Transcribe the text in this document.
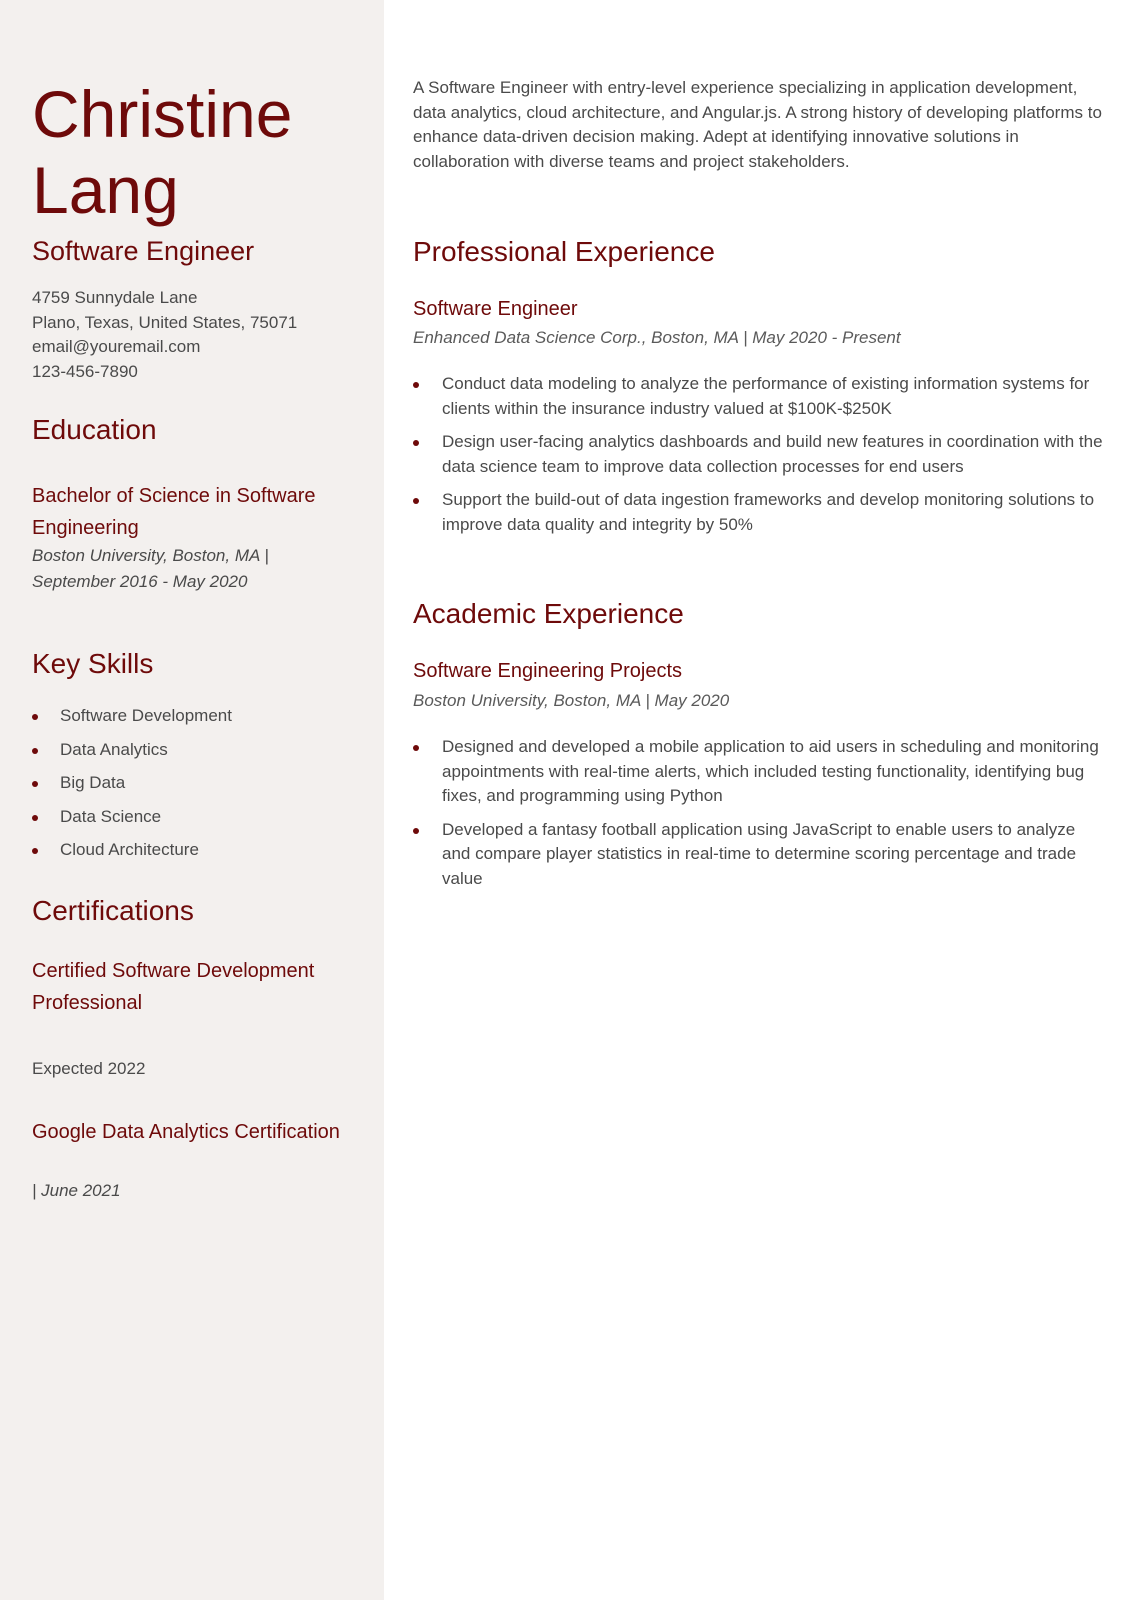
Christine
Lang
Software Engineer
4759 Sunnydale Lane
Plano, Texas, United States, 75071
email@youremail.com
123-456-7890
Education
Bachelor of Science in Software Engineering
Boston University, Boston, MA |
September 2016 - May 2020
Key Skills
Software Development
Data Analytics
Big Data
Data Science
Cloud Architecture
Certifications
Certified Software Development Professional
Expected 2022
Google Data Analytics Certification
| June 2021

A Software Engineer with entry-level experience specializing in application development, data analytics, cloud architecture, and Angular.js. A strong history of developing platforms to enhance data-driven decision making. Adept at identifying innovative solutions in collaboration with diverse teams and project stakeholders.

Professional Experience
Software Engineer
Enhanced Data Science Corp., Boston, MA | May 2020 - Present
Conduct data modeling to analyze the performance of existing information systems for clients within the insurance industry valued at $100K-$250K
Design user-facing analytics dashboards and build new features in coordination with the data science team to improve data collection processes for end users
Support the build-out of data ingestion frameworks and develop monitoring solutions to improve data quality and integrity by 50%
Academic Experience
Software Engineering Projects
Boston University, Boston, MA | May 2020
Designed and developed a mobile application to aid users in scheduling and monitoring appointments with real-time alerts, which included testing functionality, identifying bug fixes, and programming using Python
Developed a fantasy football application using JavaScript to enable users to analyze and compare player statistics in real-time to determine scoring percentage and trade value
